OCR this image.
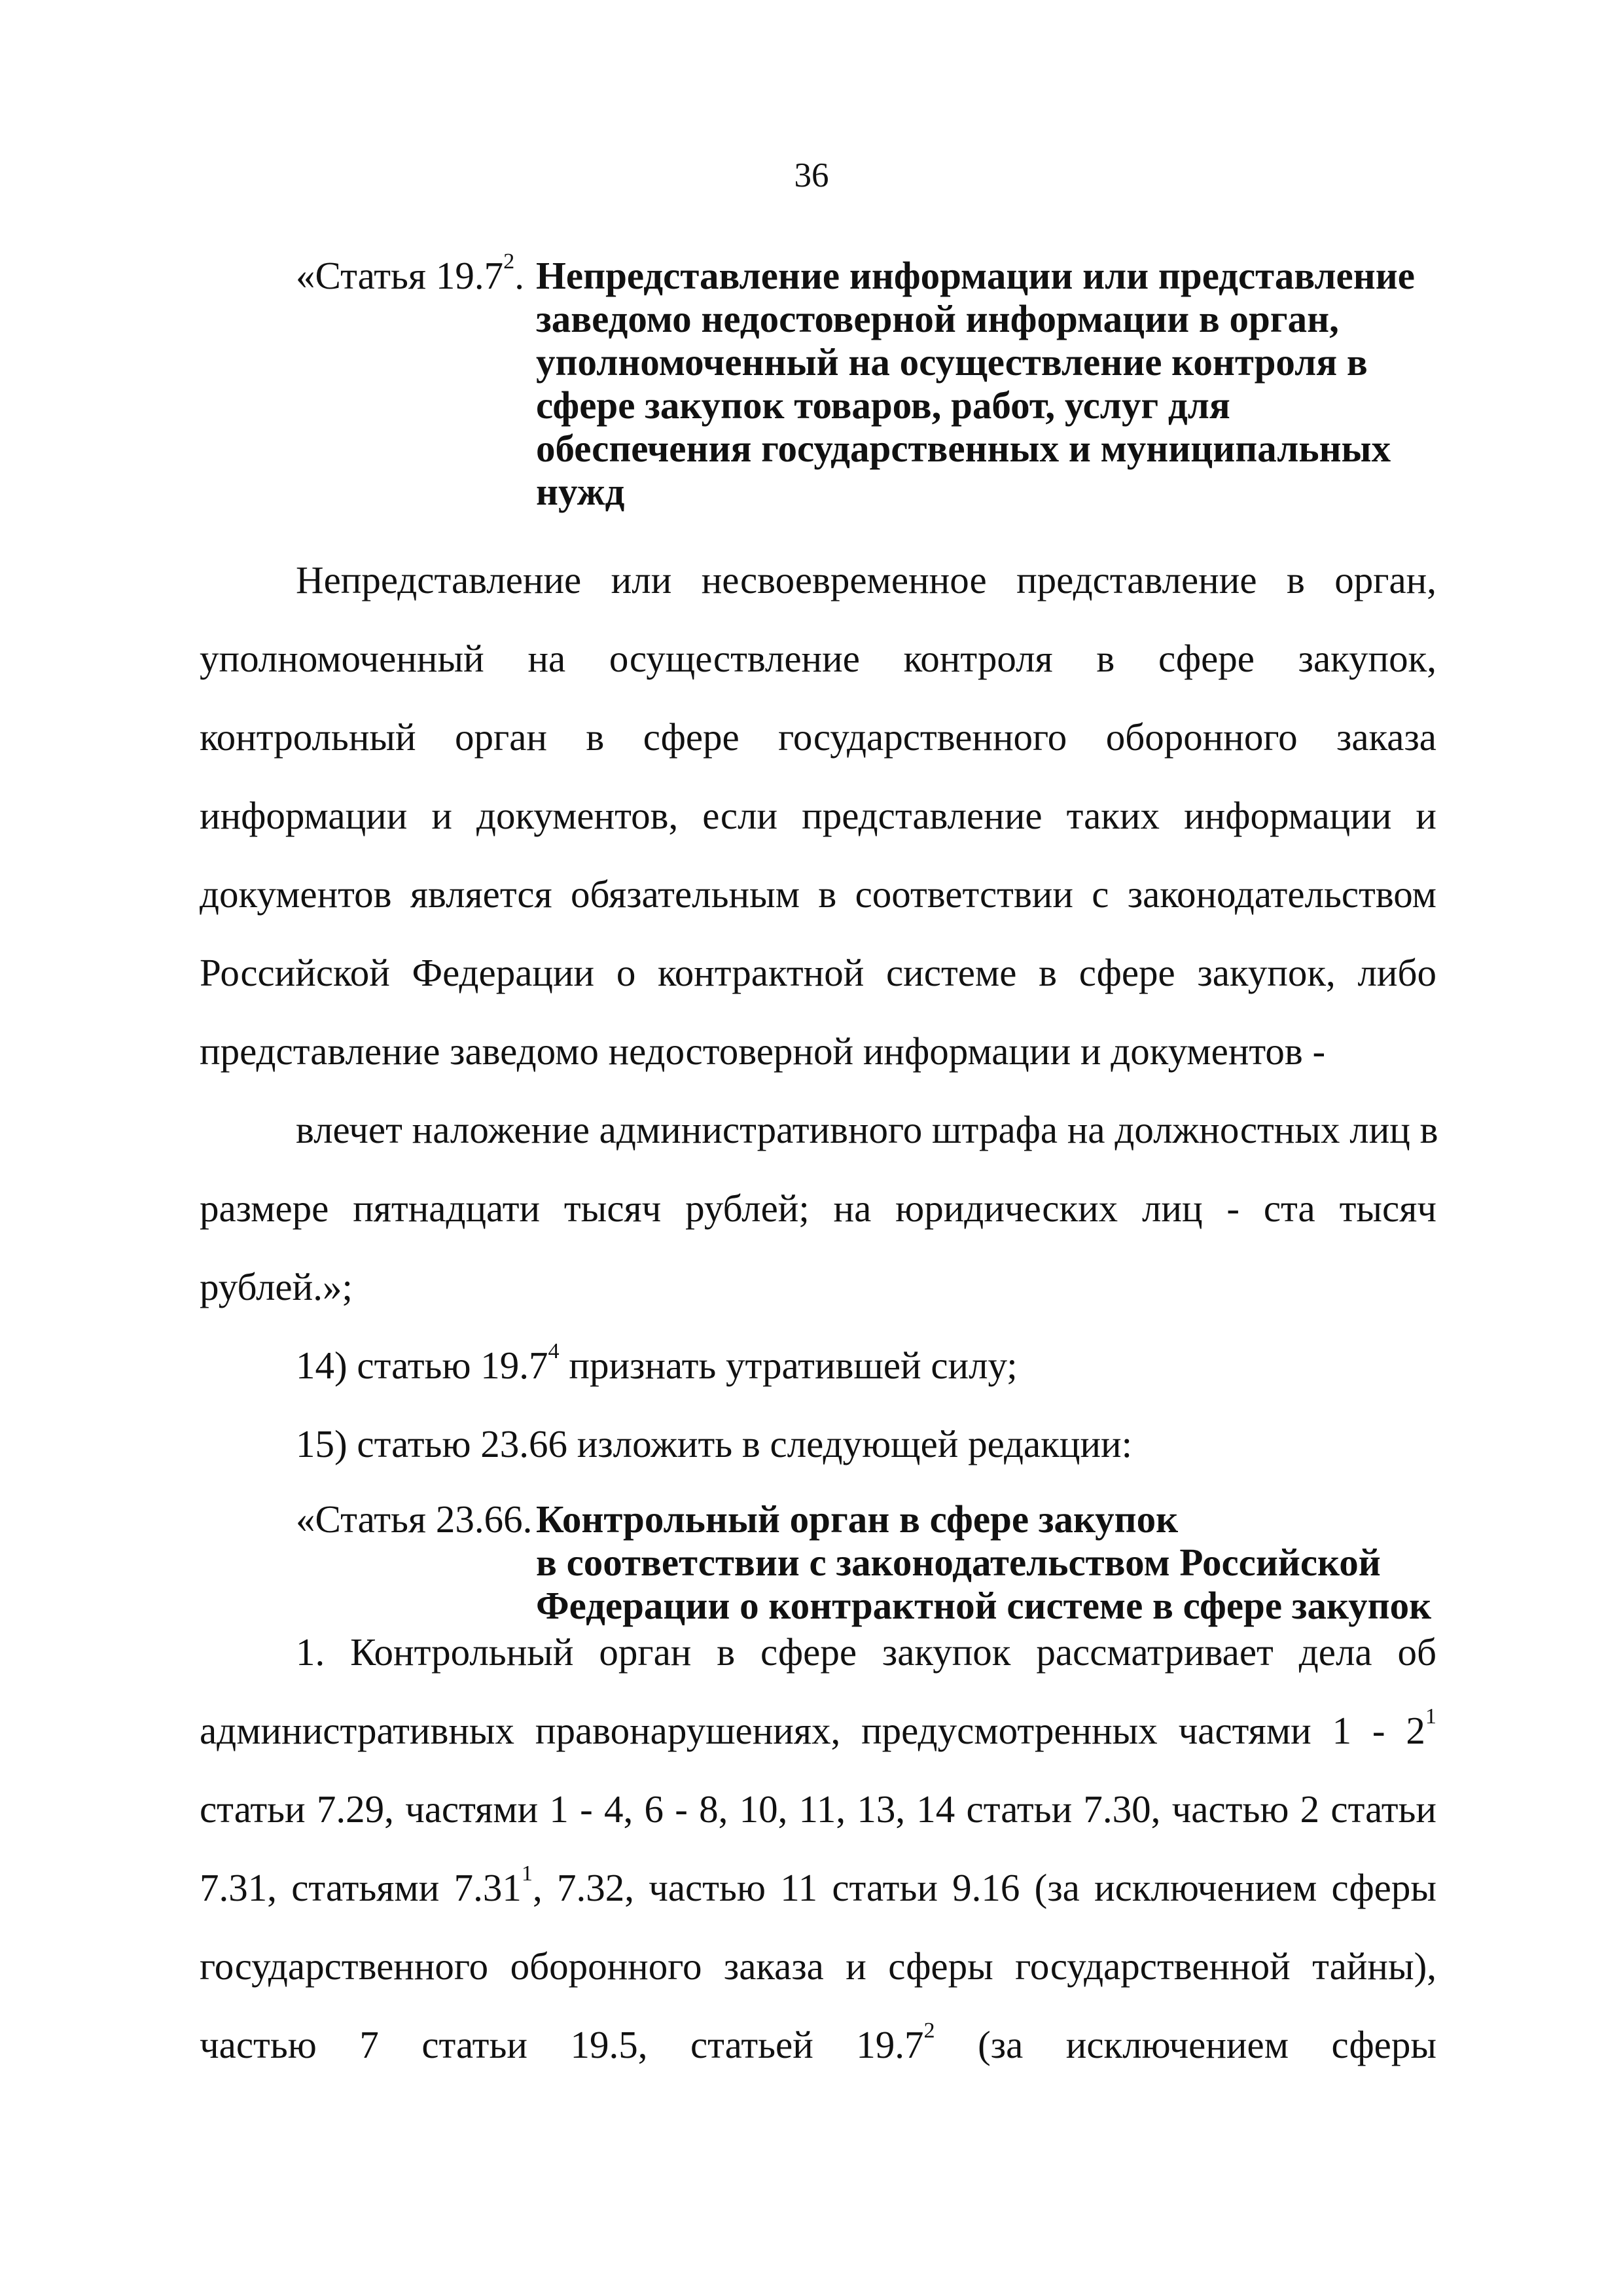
36
«Статья 19.7$^2$. Непредставление информации или представление
заведомо недостоверной информации в орган,
уполномоченный на осуществление контроля в
сфере закупок товаров, работ, услуг для
обеспечения государственных и муниципальных
нужд
Непредставление или несвоевременное представление в орган,
уполномоченный на осуществление контроля в сфере закупок,
контрольный орган в сфере государственного оборонного заказа
информации и документов, если представление таких информации и
документов является обязательным в соответствии с законодательством
Российской Федерации о контрактной системе в сфере закупок, либо
представление заведомо недостоверной информации и документов -
влечет наложение административного штрафа на должностных лиц в
размере пятнадцати тысяч рублей; на юридических лиц - ста тысяч
рублей.»;
14) статью 19.7$^4$ признать утратившей силу;
15) статью 23.66 изложить в следующей редакции:
«Статья 23.66. Контрольный орган в сфере закупок
в соответствии с законодательством Российской
Федерации о контрактной системе в сфере закупок
1. Контрольный орган в сфере закупок рассматривает дела об
административных правонарушениях, предусмотренных частями $1 - 2^1$
статьи 7.29, частями 1 - 4, 6 - 8, 10, 11, 13, 14 статьи 7.30, частью 2 статьи
7.31, статьями 7.31$^1$, 7.32, частью 11 статьи 9.16 (за исключением сферы
государственного оборонного заказа и сферы государственной тайны),
частью 7 статьи 19.5, статьей 19.7$^2$ (за исключением сферы
